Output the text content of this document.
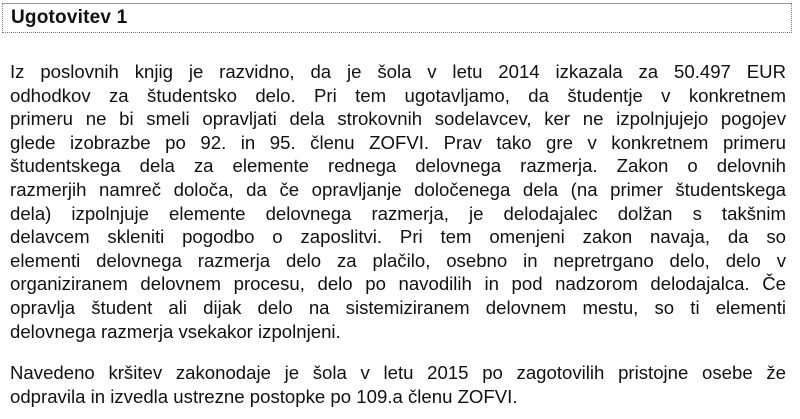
Ugotovitev 1

Iz poslovnih knjig je razvidno, da je šola v letu 2014 izkazala za 50.497 EUR
odhodkov za študentsko delo. Pri tem ugotavljamo, da študentje v konkretnem
primeru ne bi smeli opravljati dela strokovnih sodelavcev, ker ne izpolnjujejo pogojev
glede izobrazbe po 92. in 95. členu ZOFVI. Prav tako gre v konkretnem primeru
študentskega dela za elemente rednega delovnega razmerja. Zakon o delovnih
razmerjih namreč določa, da če opravljanje določenega dela (na primer študentskega
dela) izpolnjuje elemente delovnega razmerja, je delodajalec dolžan s takšnim
delavcem skleniti pogodbo o zaposlitvi. Pri tem omenjeni zakon navaja, da so
elementi delovnega razmerja delo za plačilo, osebno in nepretrgano delo, delo v
organiziranem delovnem procesu, delo po navodilih in pod nadzorom delodajalca. Če
opravlja študent ali dijak delo na sistemiziranem delovnem mestu, so ti elementi
delovnega razmerja vsekakor izpolnjeni.

Navedeno kršitev zakonodaje je šola v letu 2015 po zagotovilih pristojne osebe že
odpravila in izvedla ustrezne postopke po 109.a členu ZOFVI.
